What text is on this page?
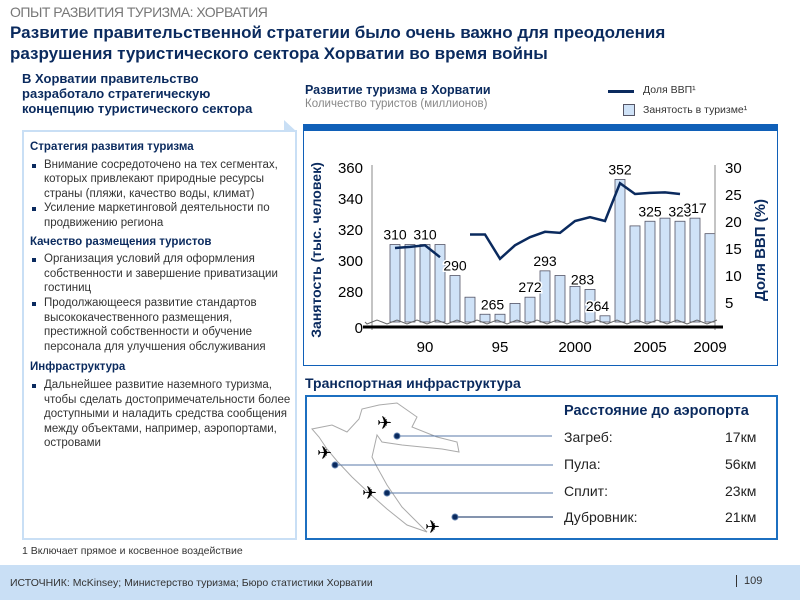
ОПЫТ РАЗВИТИЯ ТУРИЗМА: ХОРВАТИЯ
Развитие правительственной стратегии было очень важно для преодоления разрушения туристического сектора Хорватии во время войны
В Хорватии правительство разработало стратегическую концепцию туристического сектора
Стратегия развития туризма
Внимание сосредоточено на тех сегментах, которых привлекают природные ресурсы страны (пляжи, качество воды, климат)
Усиление маркетинговой деятельности по продвижению региона
Качество размещения туристов
Организация условий для оформления собственности и завершение приватизации гостиниц
Продолжающееся развитие стандартов высококачественного размещения, престижной собственности и обучение персонала для улучшения обслуживания
Инфраструктура
Дальнейшее развитие наземного туризма, чтобы сделать достопримечательности более доступными и наладить средства сообщения между объектами, например, аэропортами, островами
1 Включает прямое и косвенное воздействие
Развитие туризма в Хорватии
Количество туристов (миллионов)
Доля ВВП¹
Занятость в туризме¹
0
280
300
320
340
360
5
10
15
20
25
30
90	95	2000	2005 2009
310 310
290
265
272
293
283
264
352
325 325
317
Занятость (тыс. человек)	Доля ВВП (%)
Транспортная инфраструктура
✈
✈
✈
✈
Расстояние до аэропорта
Загреб:	17км
Пула:	56км
Сплит:	23км
Дубровник:	21км
ИСТОЧНИК: McKinsey; Министерство туризма; Бюро статистики Хорватии	109
